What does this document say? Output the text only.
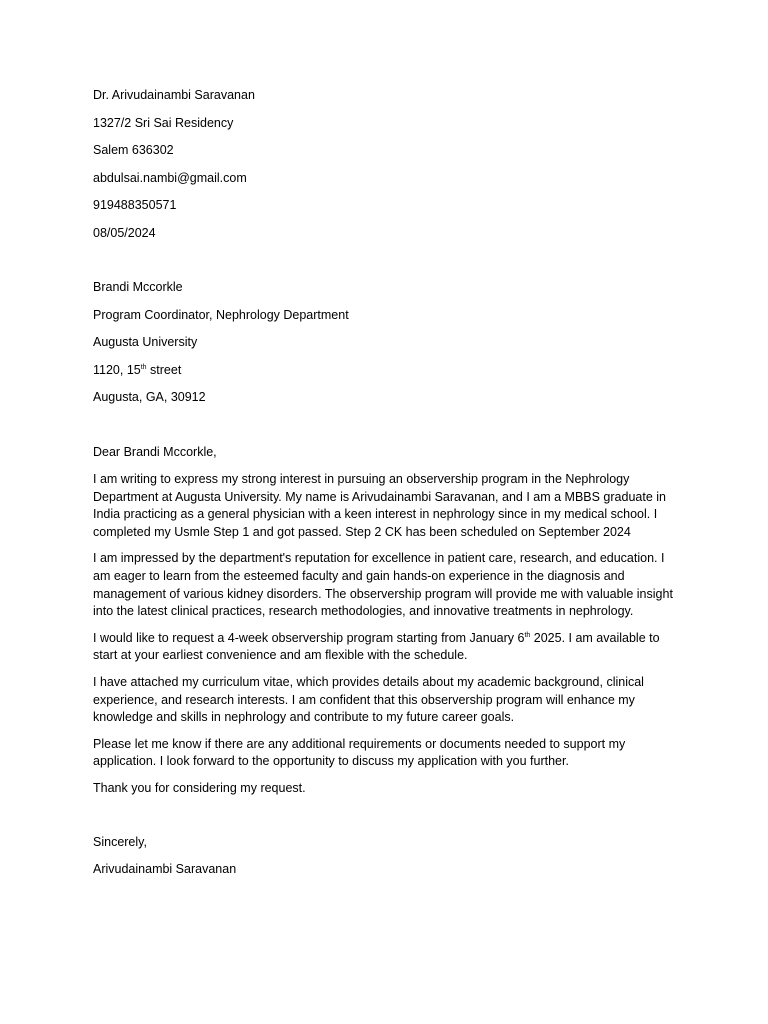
Dr. Arivudainambi Saravanan

1327/2 Sri Sai Residency

Salem 636302

abdulsai.nambi@gmail.com

919488350571

08/05/2024

Brandi Mccorkle

Program Coordinator, Nephrology Department

Augusta University

1120, 15th street

Augusta, GA, 30912

Dear Brandi Mccorkle,

I am writing to express my strong interest in pursuing an observership program in the Nephrology Department at Augusta University. My name is Arivudainambi Saravanan, and I am a MBBS graduate in India practicing as a general physician with a keen interest in nephrology since in my medical school. I completed my Usmle Step 1 and got passed. Step 2 CK has been scheduled on September 2024

I am impressed by the department's reputation for excellence in patient care, research, and education. I am eager to learn from the esteemed faculty and gain hands-on experience in the diagnosis and management of various kidney disorders. The observership program will provide me with valuable insight into the latest clinical practices, research methodologies, and innovative treatments in nephrology.

I would like to request a 4-week observership program starting from January 6th 2025. I am available to start at your earliest convenience and am flexible with the schedule.

I have attached my curriculum vitae, which provides details about my academic background, clinical experience, and research interests. I am confident that this observership program will enhance my knowledge and skills in nephrology and contribute to my future career goals.

Please let me know if there are any additional requirements or documents needed to support my application. I look forward to the opportunity to discuss my application with you further.

Thank you for considering my request.

Sincerely,

Arivudainambi Saravanan
